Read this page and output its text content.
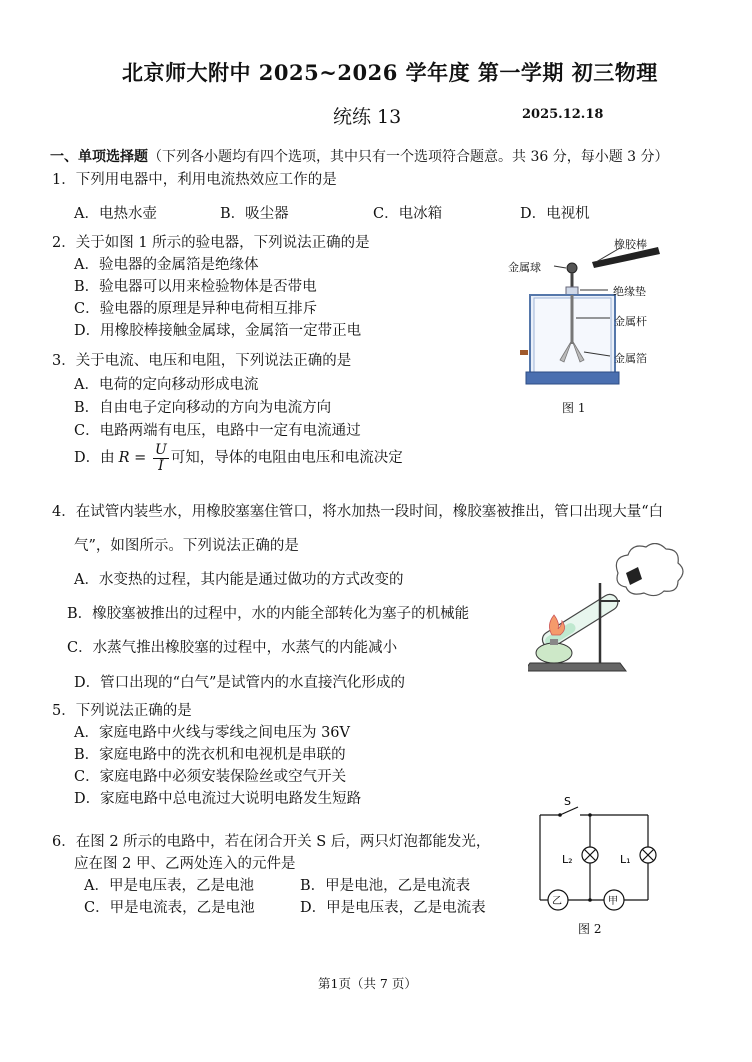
北京师大附中 2025~2026 学年度 第一学期 初三物理
统练 13	2025.12.18
一、单项选择题（下列各小题均有四个选项，其中只有一个选项符合题意。共 36 分，每小题 3 分）
1．下列用电器中，利用电流热效应工作的是
A．电热水壶	B．吸尘器	C．电冰箱	D．电视机
2．关于如图 1 所示的验电器，下列说法正确的是
A．验电器的金属箔是绝缘体
B．验电器可以用来检验物体是否带电
C．验电器的原理是异种电荷相互排斥
D．用橡胶棒接触金属球，金属箔一定带正电
橡胶棒
金属球
绝缘垫
金属杆
金属箔
图 1
3．关于电流、电压和电阻，下列说法正确的是
A．电荷的定向移动形成电流
B．自由电子定向移动的方向为电流方向
C．电路两端有电压，电路中一定有电流通过
D．由 $R = \frac{U}{I}$ 可知，导体的电阻由电压和电流决定
4．在试管内装些水，用橡胶塞塞住管口，将水加热一段时间，橡胶塞被推出，管口出现大量“白
气”，如图所示。下列说法正确的是
A．水变热的过程，其内能是通过做功的方式改变的
B．橡胶塞被推出的过程中，水的内能全部转化为塞子的机械能
C．水蒸气推出橡胶塞的过程中，水蒸气的内能减小
D．管口出现的“白气”是试管内的水直接汽化形成的
5．下列说法正确的是
A．家庭电路中火线与零线之间电压为 36V
B．家庭电路中的洗衣机和电视机是串联的
C．家庭电路中必须安装保险丝或空气开关
D．家庭电路中总电流过大说明电路发生短路
6．在图 2 所示的电路中，若在闭合开关 S 后，两只灯泡都能发光，
应在图 2 甲、乙两处连入的元件是
A．甲是电压表，乙是电池	B．甲是电池，乙是电流表
C．甲是电流表，乙是电池	D．甲是电压表，乙是电流表
S
L₂	L₁
乙	甲
图 2
第1页（共 7 页）
